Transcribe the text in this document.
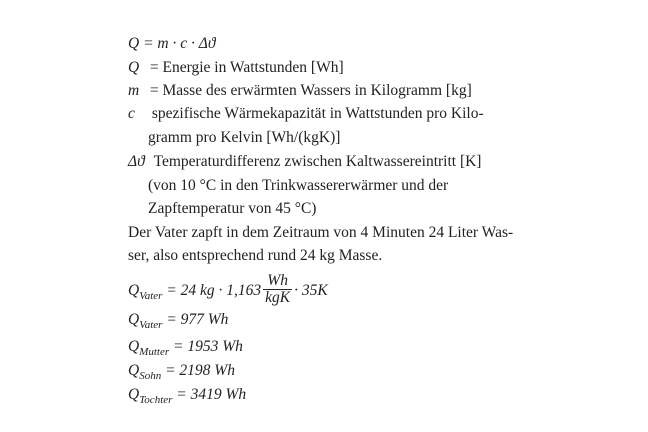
Q = m · c · Δϑ
Q = Energie in Wattstunden [Wh]
m = Masse des erwärmten Wassers in Kilogramm [kg]
c spezifische Wärmekapazität in Wattstunden pro Kilo-
gramm pro Kelvin [Wh/(kgK)]
Δϑ Temperaturdifferenz zwischen Kaltwassereintritt [K]
(von 10 °C in den Trinkwassererwärmer und der
Zapftemperatur von 45 °C)
Der Vater zapft in dem Zeitraum von 4 Minuten 24 Liter Was-
ser, also entsprechend rund 24 kg Masse.
$Q_{Vater} = 24$ kg · $1,163 \frac{Wh}{\text{kgK}} \cdot 35K$
$Q_{Vater} = 977$ Wh
$Q_{Mutter} = 1953$ Wh
$Q_{Sohn} = 2198$ Wh
$Q_{Tochter} = 3419$ Wh
